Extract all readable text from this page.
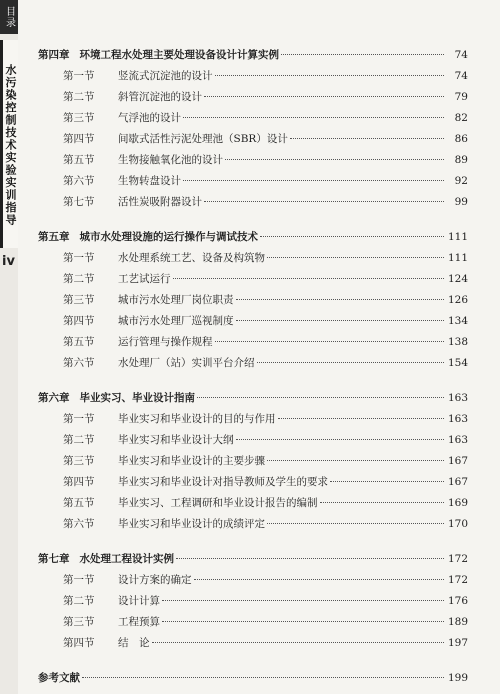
目录
水污染控制技术实验实训指导
iv
第四章 环境工程水处理主要处理设备设计计算实例	74
第一节	竖流式沉淀池的设计	74
第二节	斜管沉淀池的设计	79
第三节	气浮池的设计	82
第四节	间歇式活性污泥处理池（SBR）设计	86
第五节	生物接触氧化池的设计	89
第六节	生物转盘设计	92
第七节	活性炭吸附器设计	99
第五章 城市水处理设施的运行操作与调试技术	111
第一节	水处理系统工艺、设备及构筑物	111
第二节	工艺试运行	124
第三节	城市污水处理厂岗位职责	126
第四节	城市污水处理厂巡视制度	134
第五节	运行管理与操作规程	138
第六节	水处理厂（站）实训平台介绍	154
第六章 毕业实习、毕业设计指南	163
第一节	毕业实习和毕业设计的目的与作用	163
第二节	毕业实习和毕业设计大纲	163
第三节	毕业实习和毕业设计的主要步骤	167
第四节	毕业实习和毕业设计对指导教师及学生的要求	167
第五节	毕业实习、工程调研和毕业设计报告的编制	169
第六节	毕业实习和毕业设计的成绩评定	170
第七章 水处理工程设计实例	172
第一节	设计方案的确定	172
第二节	设计计算	176
第三节	工程预算	189
第四节	结　论	197
参考文献	199
